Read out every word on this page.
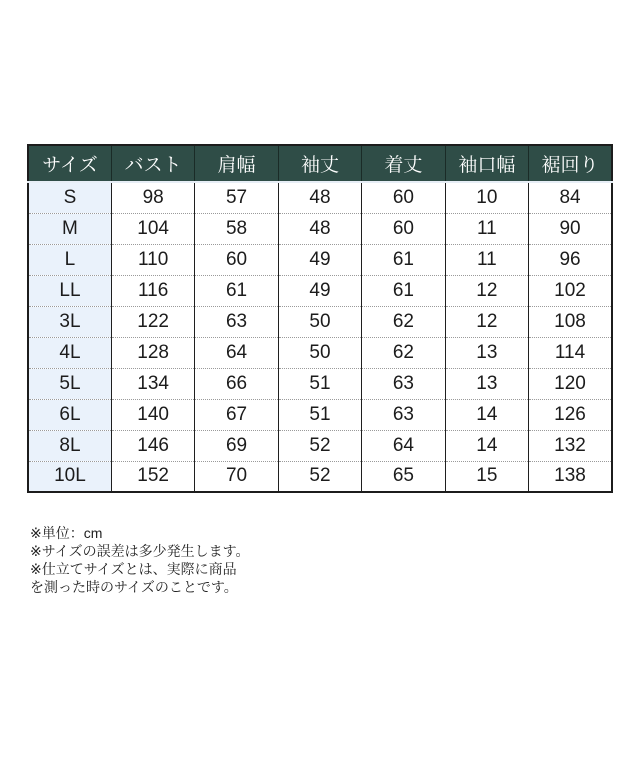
サイズ	バスト	肩幅	袖丈	着丈	袖口幅	裾回り
S	98	57	48	60	10	84
M	104	58	48	60	11	90
L	110	60	49	61	11	96
LL	116	61	49	61	12	102
3L	122	63	50	62	12	108
4L	128	64	50	62	13	114
5L	134	66	51	63	13	120
6L	140	67	51	63	14	126
8L	146	69	52	64	14	132
10L	152	70	52	65	15	138
※単位：cm
※サイズの誤差は多少発生します。
※仕立てサイズとは、実際に商品
を測った時のサイズのことです。
